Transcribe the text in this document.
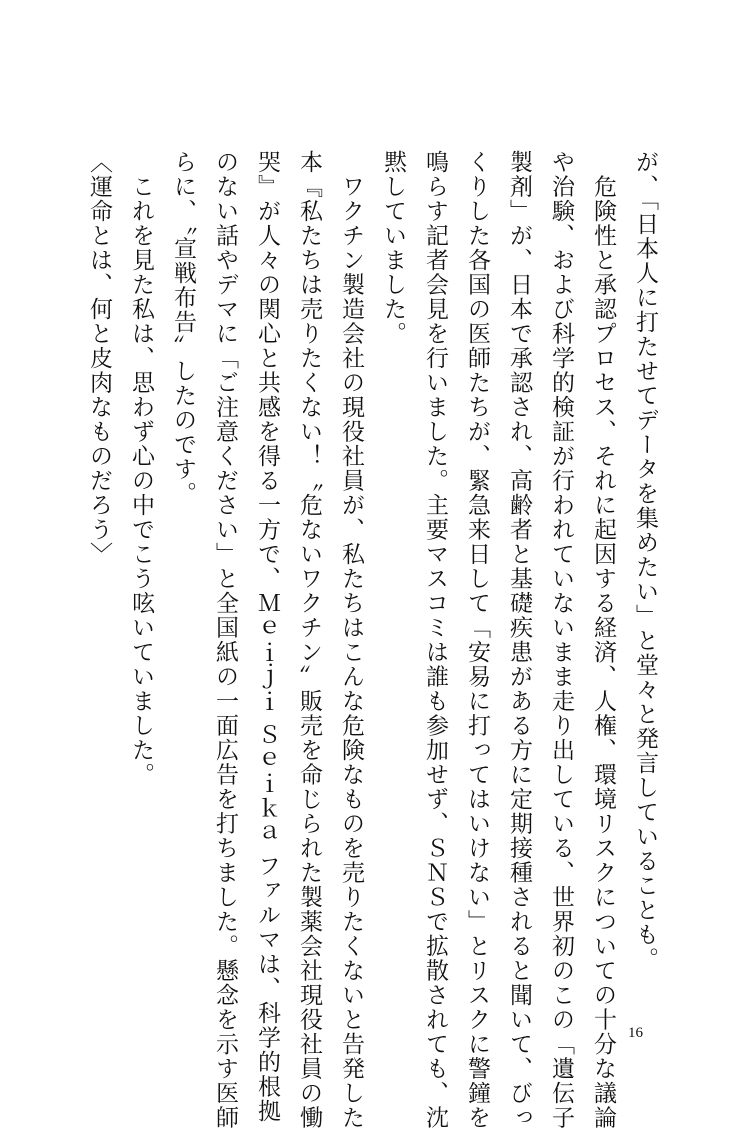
が、「日本人に打たせてデータを集めたい」と堂々と発言していることも。
　危険性と承認プロセス、それに起因する経済、人権、環境リスクについての十分な議論
や治験、および科学的検証が行われていないまま走り出している、世界初のこの「遺伝子
製剤」が、日本で承認され、高齢者と基礎疾患がある方に定期接種されると聞いて、びっ
くりした各国の医師たちが、緊急来日して「安易に打ってはいけない」とリスクに警鐘を
鳴らす記者会見を行いました。主要マスコミは誰も参加せず、ＳＮＳで拡散されても、沈
黙していました。
　ワクチン製造会社の現役社員が、私たちはこんな危険なものを売りたくないと告発した
本『私たちは売りたくない！〝危ないワクチン〟販売を命じられた製薬会社現役社員の慟
哭』が人々の関心と共感を得る一方で、Ｍｅｉｊｉ Ｓｅｉｋａ ファルマは、科学的根拠
のない話やデマに「ご注意ください」と全国紙の一面広告を打ちました。懸念を示す医師
らに、〝宣戦布告〟したのです。
　これを見た私は、思わず心の中でこう呟いていました。
〈運命とは、何と皮肉なものだろう〉
16
